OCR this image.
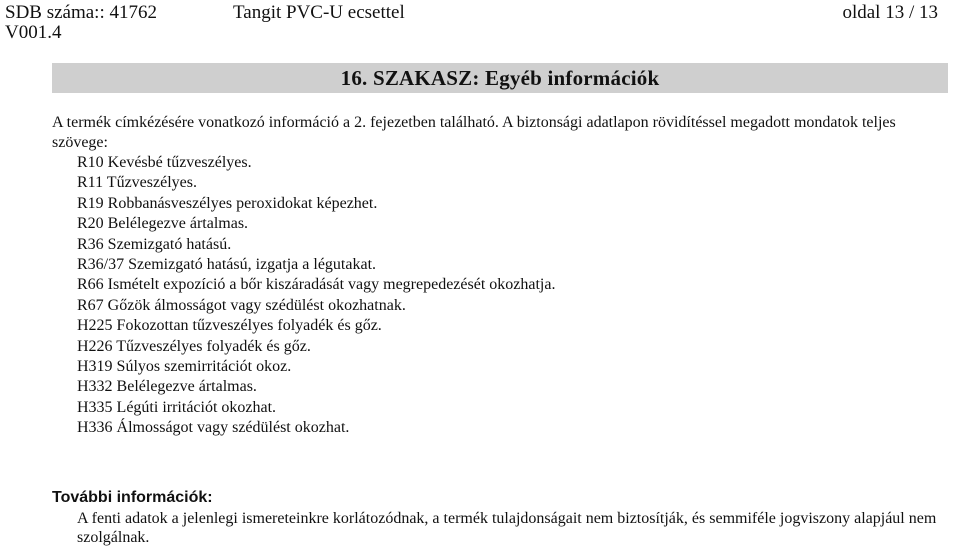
SDB száma:: 41762	Tangit PVC-U ecsettel	oldal 13 / 13
V001.4
16. SZAKASZ: Egyéb információk
A termék címkézésére vonatkozó információ a 2. fejezetben található. A biztonsági adatlapon rövidítéssel megadott mondatok teljes szövege:
R10 Kevésbé tűzveszélyes.
R11 Tűzveszélyes.
R19 Robbanásveszélyes peroxidokat képezhet.
R20 Belélegezve ártalmas.
R36 Szemizgató hatású.
R36/37 Szemizgató hatású, izgatja a légutakat.
R66 Ismételt expozíció a bőr kiszáradását vagy megrepedezését okozhatja.
R67 Gőzök álmosságot vagy szédülést okozhatnak.
H225 Fokozottan tűzveszélyes folyadék és gőz.
H226 Tűzveszélyes folyadék és gőz.
H319 Súlyos szemirritációt okoz.
H332 Belélegezve ártalmas.
H335 Légúti irritációt okozhat.
H336 Álmosságot vagy szédülést okozhat.
További információk:
A fenti adatok a jelenlegi ismereteinkre korlátozódnak, a termék tulajdonságait nem biztosítják, és semmiféle jogviszony alapjául nem szolgálnak.
